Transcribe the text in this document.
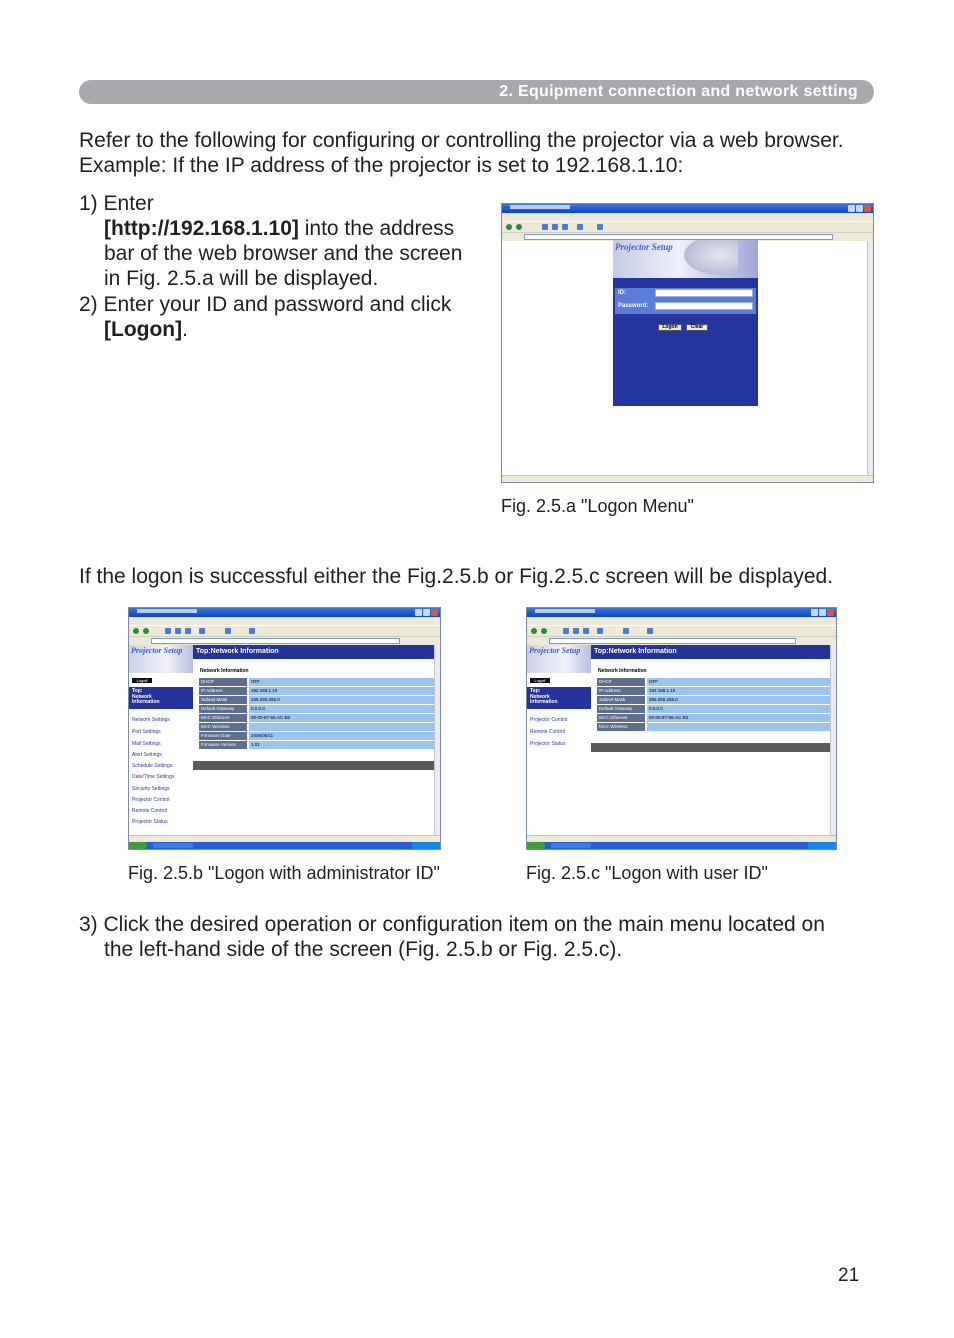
2. Equipment connection and network setting
Refer to the following for configuring or controlling the projector via a web browser.
Example: If the IP address of the projector is set to 192.168.1.10:
1) Enter
[http://192.168.1.10] into the address
bar of the web browser and the screen
in Fig. 2.5.a will be displayed.
2) Enter your ID and password and click
[Logon].
Projector Setup
ID:
Password:
Logon	Clear
Fig. 2.5.a "Logon Menu"
If the logon is successful either the Fig.2.5.b or Fig.2.5.c screen will be displayed.
Projector Setup
Logoff
Top:
Network
Information
Network Settings
Port Settings
Mail Settings
Alert Settings
Schedule Settings
Date/Time Settings
Security Settings
Projector Control
Remote Control
Projector Status
Top:Network Information
Network Information
DHCP	OFF
IP Address	192.168.1.10
Subnet Mask	255.255.255.0
Default Gateway	0.0.0.0
MAC Ethernet	00-00-87-56-AC-B2
MAC Wireless
Firmware Date	2006/05/11
Firmware Version	1.01
Fig. 2.5.b "Logon with administrator ID"
Projector Setup
Logoff
Top:
Network
Information
Projector Control
Remote Control
Projector Status
Top:Network Information
Network Information
DHCP	OFF
IP Address	192.168.1.10
Subnet Mask	255.255.255.0
Default Gateway	0.0.0.0
MAC Ethernet	00-00-87-56-AC-B2
MAC Wireless
Fig. 2.5.c "Logon with user ID"
3) Click the desired operation or configuration item on the main menu located on
the left-hand side of the screen (Fig. 2.5.b or Fig. 2.5.c).
21
